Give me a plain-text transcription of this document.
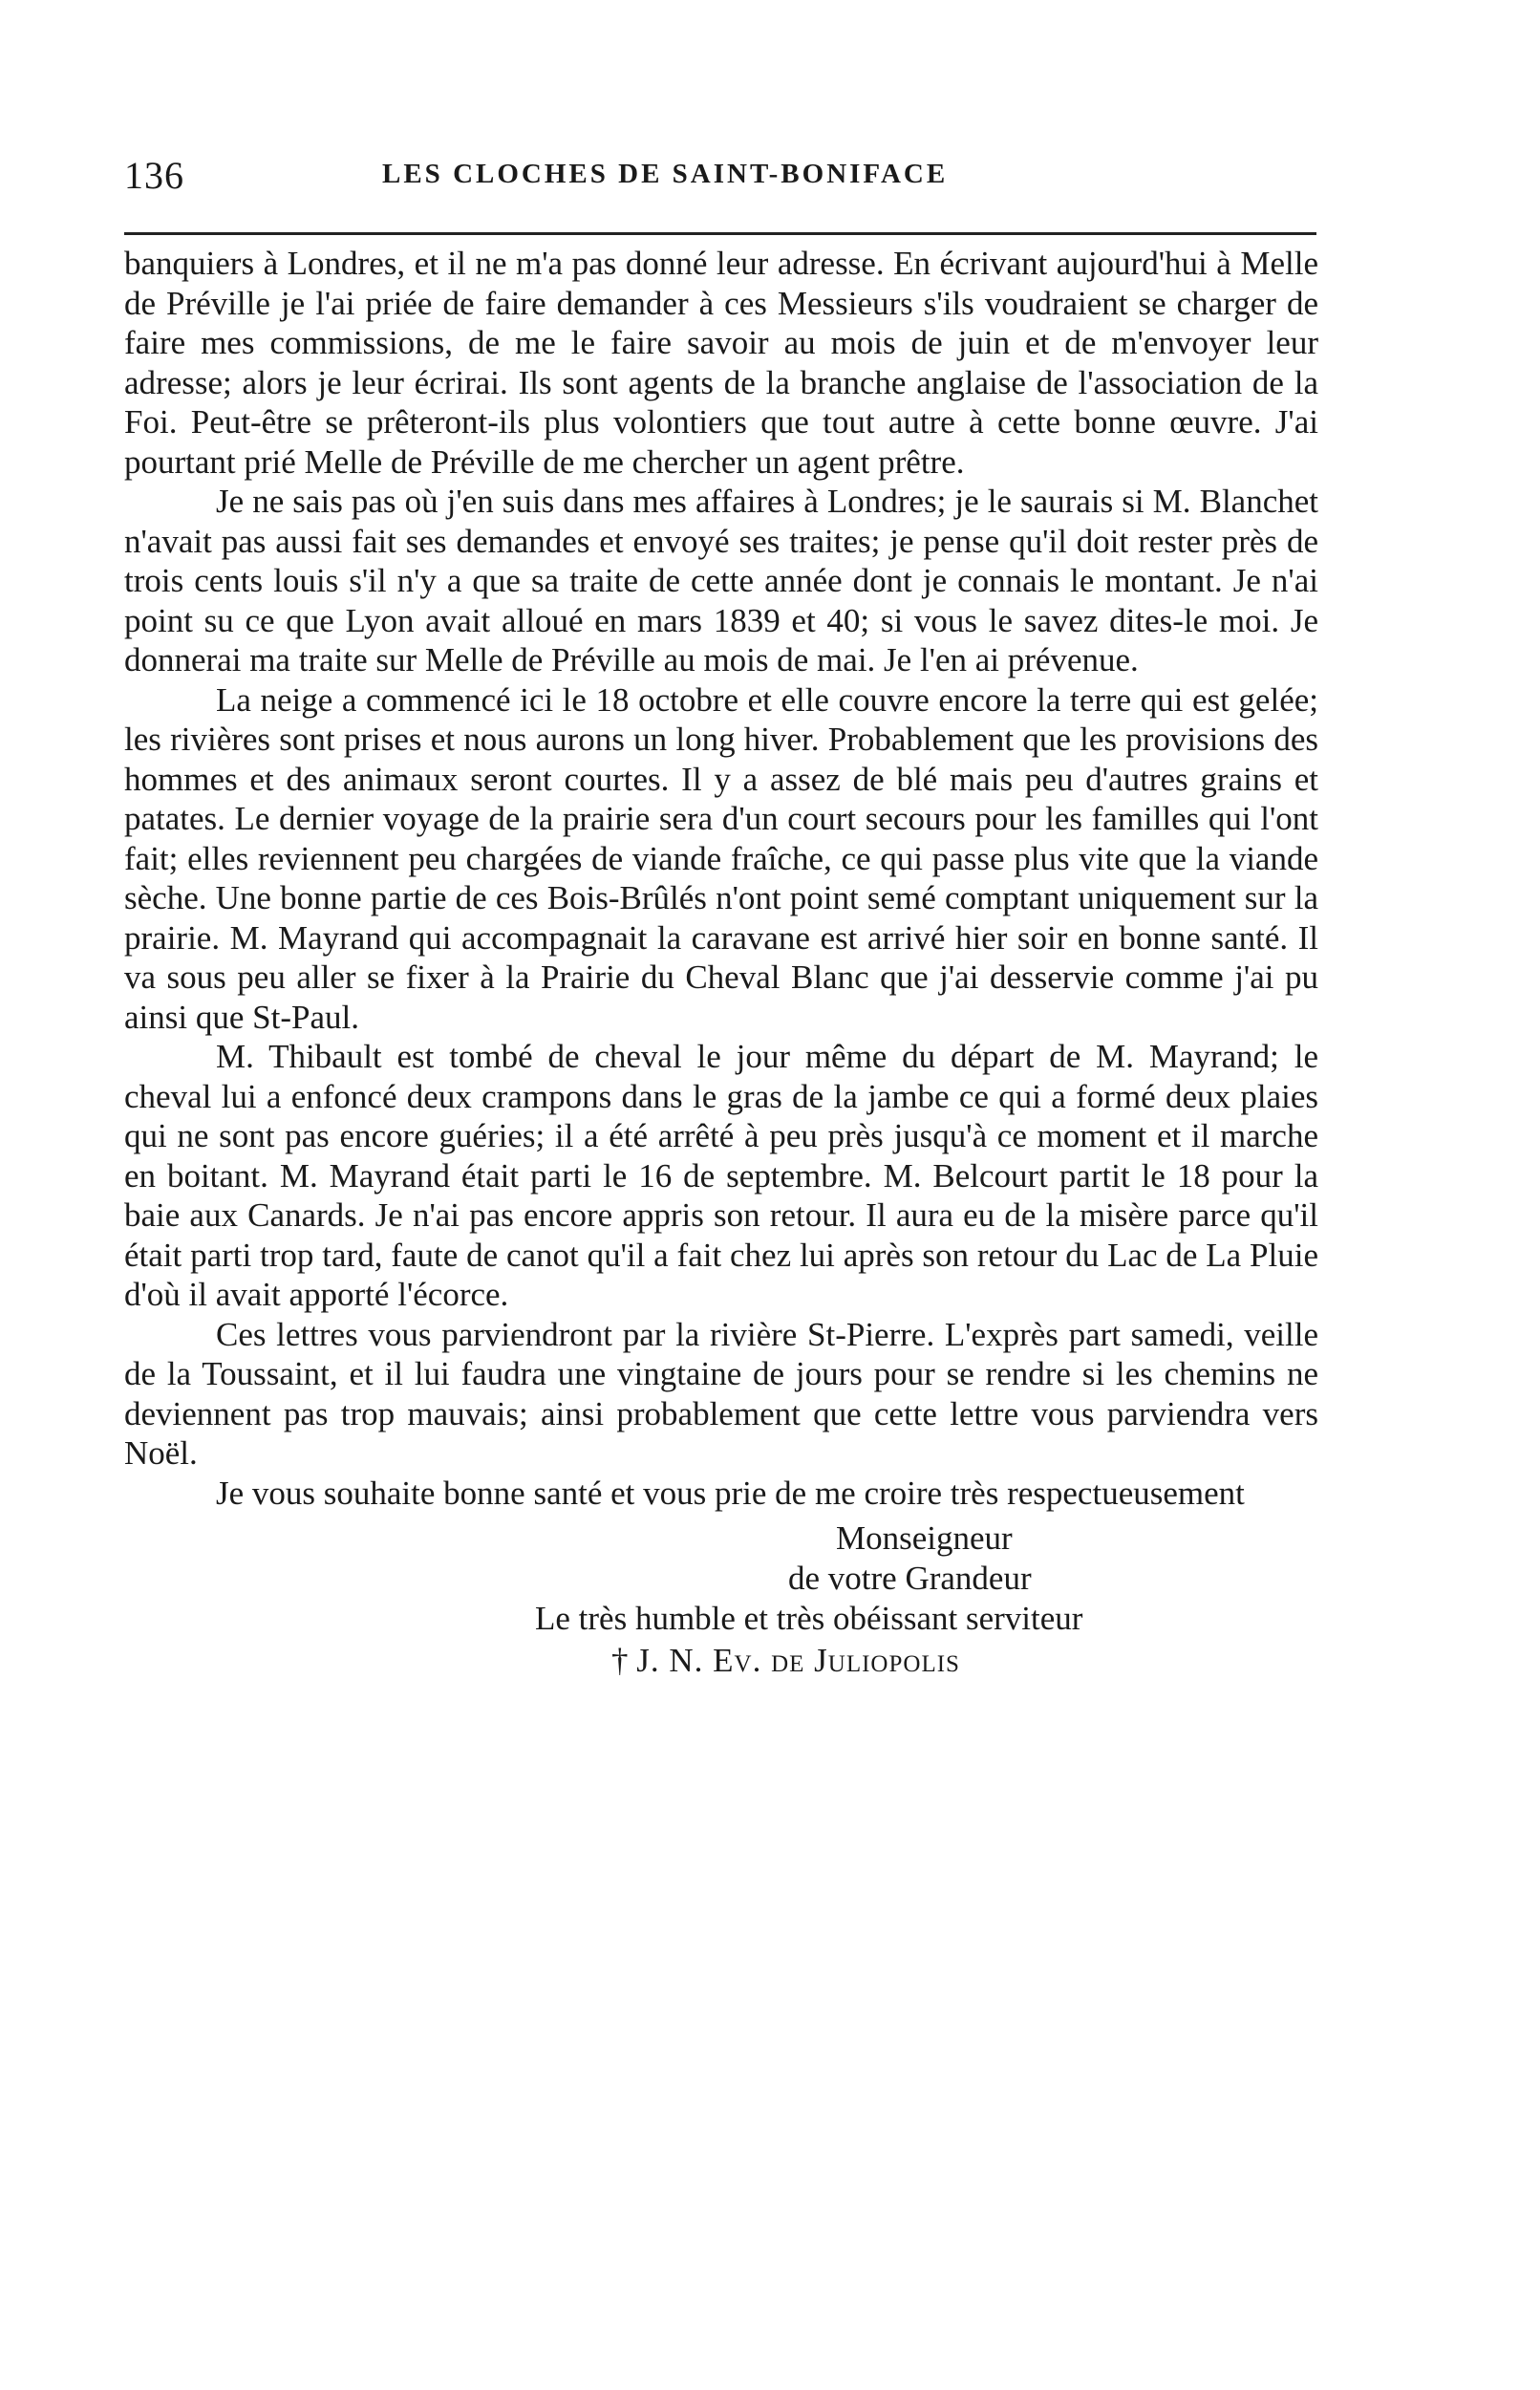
136	LES CLOCHES DE SAINT-BONIFACE

banquiers à Londres, et il ne m'a pas donné leur adresse. En écrivant aujourd'hui à Melle de Préville je l'ai priée de faire demander à ces Messieurs s'ils voudraient se charger de faire mes commissions, de me le faire savoir au mois de juin et de m'envoyer leur adresse; alors je leur écrirai. Ils sont agents de la branche anglaise de l'association de la Foi. Peut-être se prêteront-ils plus volontiers que tout autre à cette bonne œuvre. J'ai pourtant prié Melle de Préville de me chercher un agent prêtre.

Je ne sais pas où j'en suis dans mes affaires à Londres; je le saurais si M. Blanchet n'avait pas aussi fait ses demandes et envoyé ses traites; je pense qu'il doit rester près de trois cents louis s'il n'y a que sa traite de cette année dont je connais le montant. Je n'ai point su ce que Lyon avait alloué en mars 1839 et 40; si vous le savez dites-le moi. Je donnerai ma traite sur Melle de Préville au mois de mai. Je l'en ai prévenue.

La neige a commencé ici le 18 octobre et elle couvre encore la terre qui est gelée; les rivières sont prises et nous aurons un long hiver. Probablement que les provisions des hommes et des animaux seront courtes. Il y a assez de blé mais peu d'autres grains et patates. Le dernier voyage de la prairie sera d'un court secours pour les familles qui l'ont fait; elles reviennent peu chargées de viande fraîche, ce qui passe plus vite que la viande sèche. Une bonne partie de ces Bois-Brûlés n'ont point semé comptant uniquement sur la prairie. M. Mayrand qui accompagnait la caravane est arrivé hier soir en bonne santé. Il va sous peu aller se fixer à la Prairie du Cheval Blanc que j'ai desservie comme j'ai pu ainsi que St-Paul.

M. Thibault est tombé de cheval le jour même du départ de M. Mayrand; le cheval lui a enfoncé deux crampons dans le gras de la jambe ce qui a formé deux plaies qui ne sont pas encore guéries; il a été arrêté à peu près jusqu'à ce moment et il marche en boitant. M. Mayrand était parti le 16 de septembre. M. Belcourt partit le 18 pour la baie aux Canards. Je n'ai pas encore appris son retour. Il aura eu de la misère parce qu'il était parti trop tard, faute de canot qu'il a fait chez lui après son retour du Lac de La Pluie d'où il avait apporté l'écorce.

Ces lettres vous parviendront par la rivière St-Pierre. L'exprès part samedi, veille de la Toussaint, et il lui faudra une vingtaine de jours pour se rendre si les chemins ne deviennent pas trop mauvais; ainsi probablement que cette lettre vous parviendra vers Noël.

Je vous souhaite bonne santé et vous prie de me croire très respectueusement

Monseigneur
de votre Grandeur
Le très humble et très obéissant serviteur
† J. N. Ev. de Juliopolis
